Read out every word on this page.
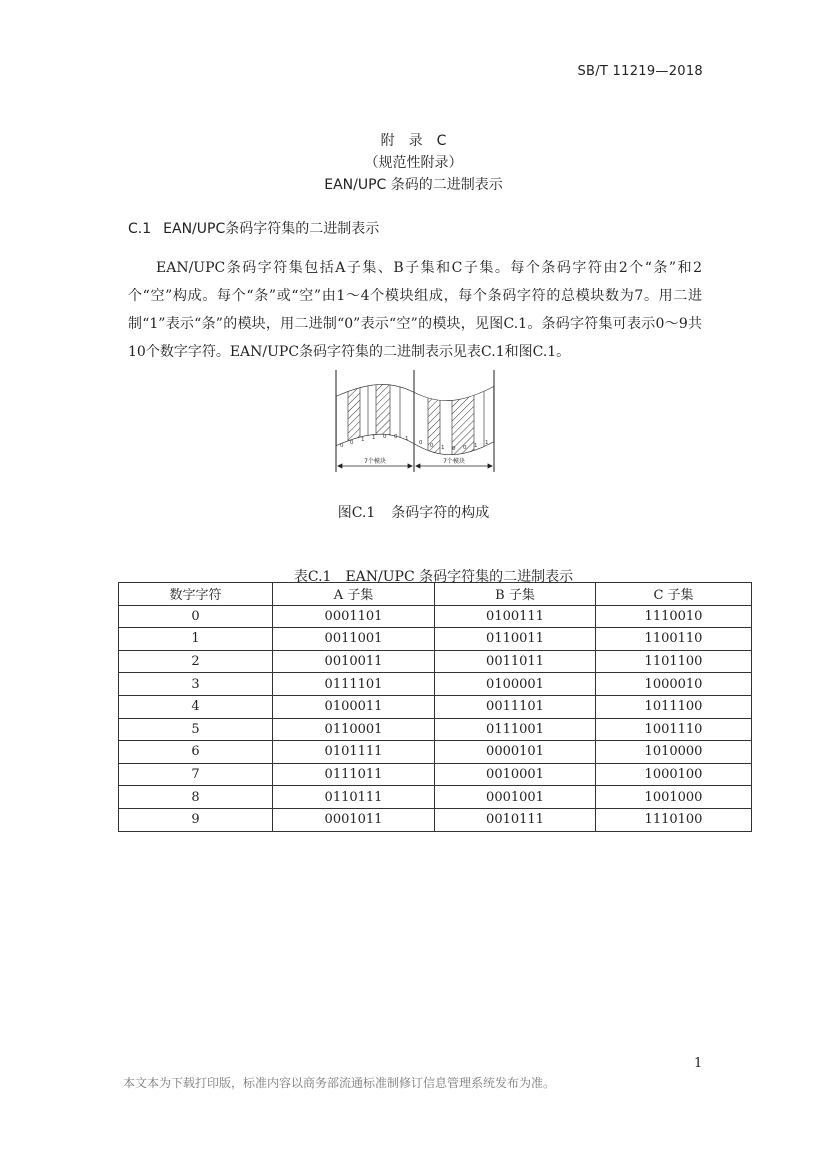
SB/T 11219—2018
附　录　C
（规范性附录）
EAN/UPC 条码的二进制表示
C.1 EAN/UPC条码字符集的二进制表示

EAN/UPC条码字符集包括A子集、B子集和C子集。每个条码字符由2个“条”和2个“空”构成。每个“条”或“空”由1～4个模块组成，每个条码字符的总模块数为7。用二进制“1”表示“条”的模块，用二进制“0”表示“空”的模块，见图C.1。条码字符集可表示0～9共10个数字字符。EAN/UPC条码字符集的二进制表示见表C.1和图C.1。

0 0 1 1 0 0 1
0 0 1 0 0 1 1
7个模块	7个模块
图C.1 条码字符的构成
表C.1 EAN/UPC 条码字符集的二进制表示
数字字符	A 子集	B 子集	C 子集
0	0001101	0100111	1110010
1	0011001	0110011	1100110
2	0010011	0011011	1101100
3	0111101	0100001	1000010
4	0100011	0011101	1011100
5	0110001	0111001	1001110
6	0101111	0000101	1010000
7	0111011	0010001	1000100
8	0110111	0001001	1001000
9	0001011	0010111	1110100
1
本文本为下载打印版，标准内容以商务部流通标准制修订信息管理系统发布为准。
